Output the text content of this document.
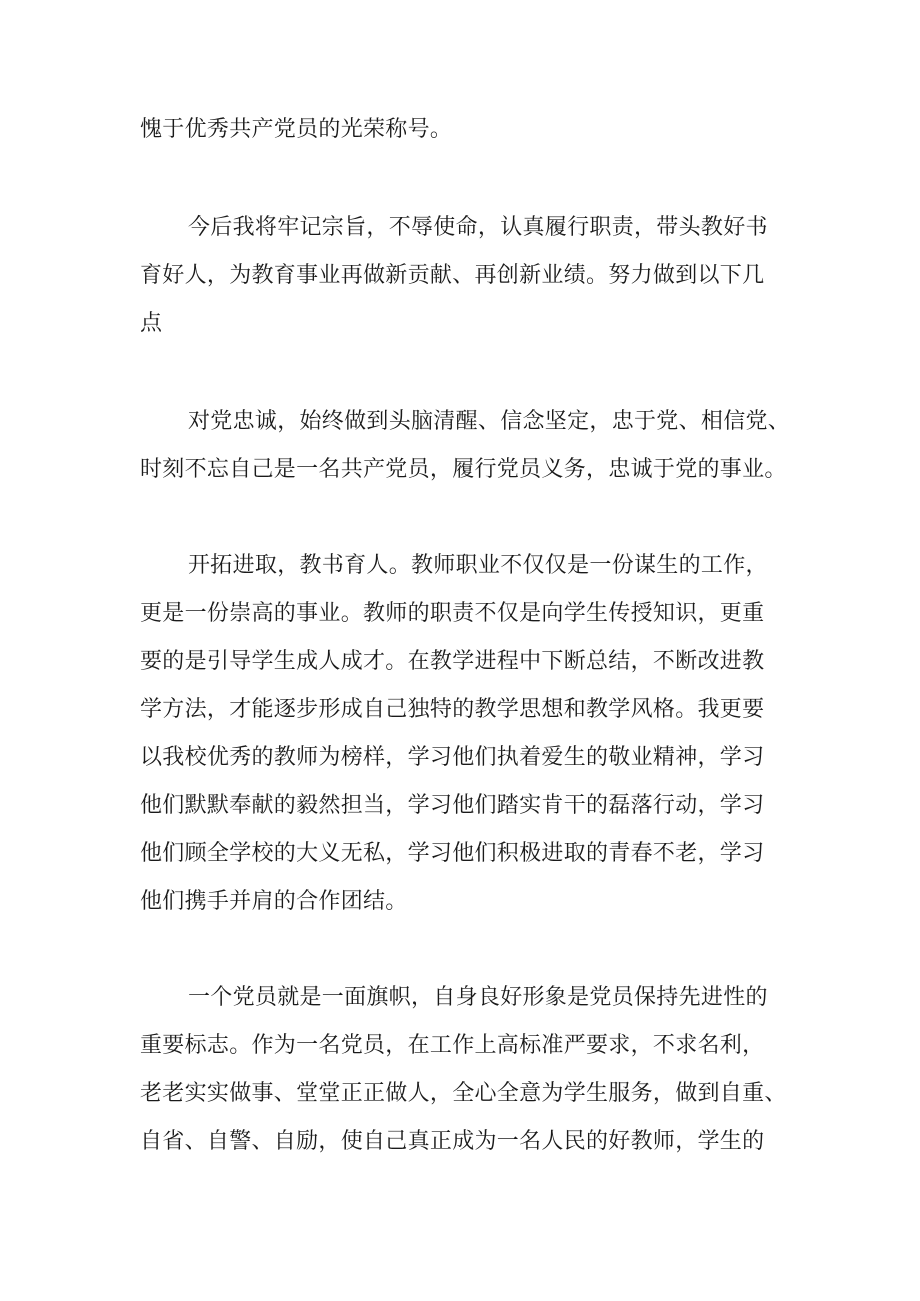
愧于优秀共产党员的光荣称号。

今后我将牢记宗旨，不辱使命，认真履行职责，带头教好书
育好人，为教育事业再做新贡献、再创新业绩。努力做到以下几
点

对党忠诚，始终做到头脑清醒、信念坚定，忠于党、相信党、
时刻不忘自己是一名共产党员，履行党员义务，忠诚于党的事业。

开拓进取，教书育人。教师职业不仅仅是一份谋生的工作，
更是一份崇高的事业。教师的职责不仅是向学生传授知识，更重
要的是引导学生成人成才。在教学进程中下断总结，不断改进教
学方法，才能逐步形成自己独特的教学思想和教学风格。我更要
以我校优秀的教师为榜样，学习他们执着爱生的敬业精神，学习
他们默默奉献的毅然担当，学习他们踏实肯干的磊落行动，学习
他们顾全学校的大义无私，学习他们积极进取的青春不老，学习
他们携手并肩的合作团结。

一个党员就是一面旗帜，自身良好形象是党员保持先进性的
重要标志。作为一名党员，在工作上高标准严要求，不求名利，
老老实实做事、堂堂正正做人，全心全意为学生服务，做到自重、
自省、自警、自励，使自己真正成为一名人民的好教师，学生的
